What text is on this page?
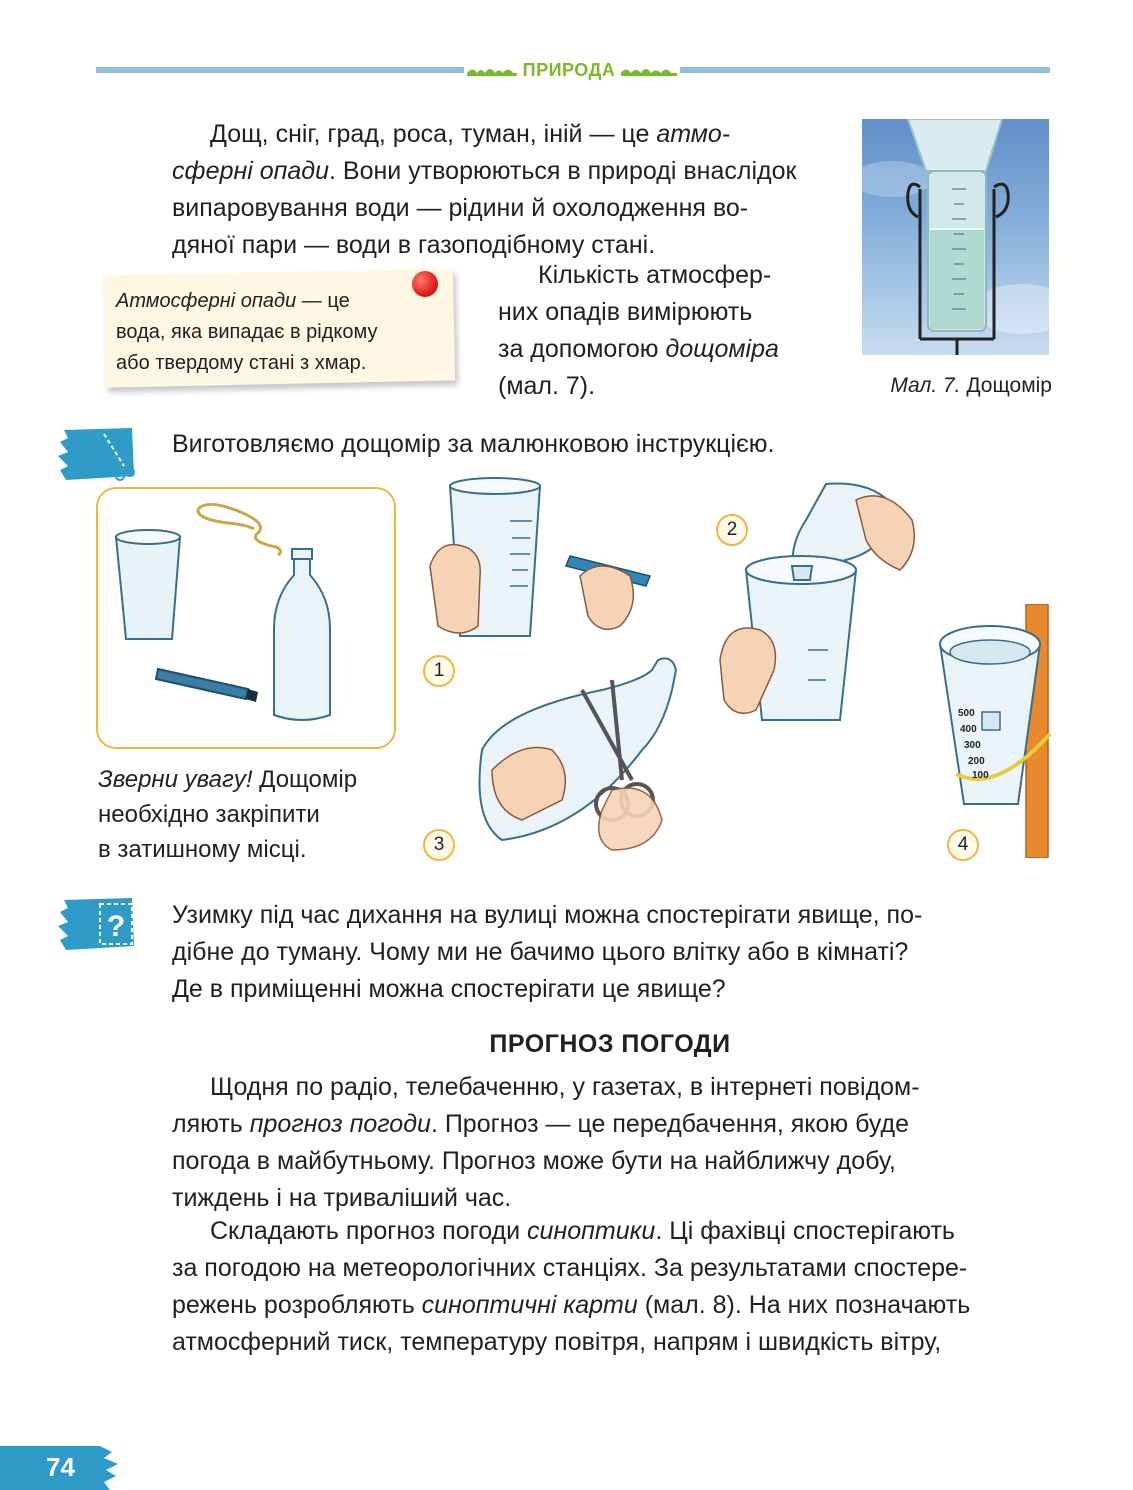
ПРИРОДА
Дощ, сніг, град, роса, туман, іній — це атмо-
сферні опади. Вони утворюються в природі внаслідок
випаровування води — рідини й охолодження во-
дяної пари — води в газоподібному стані.
Кількість атмосфер-
них опадів вимірюють
за допомогою дощоміра
(мал. 7).
Атмосферні опади — це
вода, яка випадає в рідкому
або твердому стані з хмар.
Мал. 7. Дощомір
Виготовляємо дощомір за малюнковою інструкцією.
1
2
3
500
400
300
200
100
4
Зверни увагу! Дощомір
необхідно закріпити
в затишному місці.
? Узимку під час дихання на вулиці можна спостерігати явище, по-
дібне до туману. Чому ми не бачимо цього влітку або в кімнаті?
Де в приміщенні можна спостерігати це явище?
ПРОГНОЗ ПОГОДИ
Щодня по радіо, телебаченню, у газетах, в інтернеті повідом-
ляють прогноз погоди. Прогноз — це передбачення, якою буде
погода в майбутньому. Прогноз може бути на найближчу добу,
тиждень і на триваліший час.
Складають прогноз погоди синоптики. Ці фахівці спостерігають
за погодою на метеорологічних станціях. За результатами спостере-
режень розробляють синоптичні карти (мал. 8). На них позначають
атмосферний тиск, температуру повітря, напрям і швидкість вітру,
74
